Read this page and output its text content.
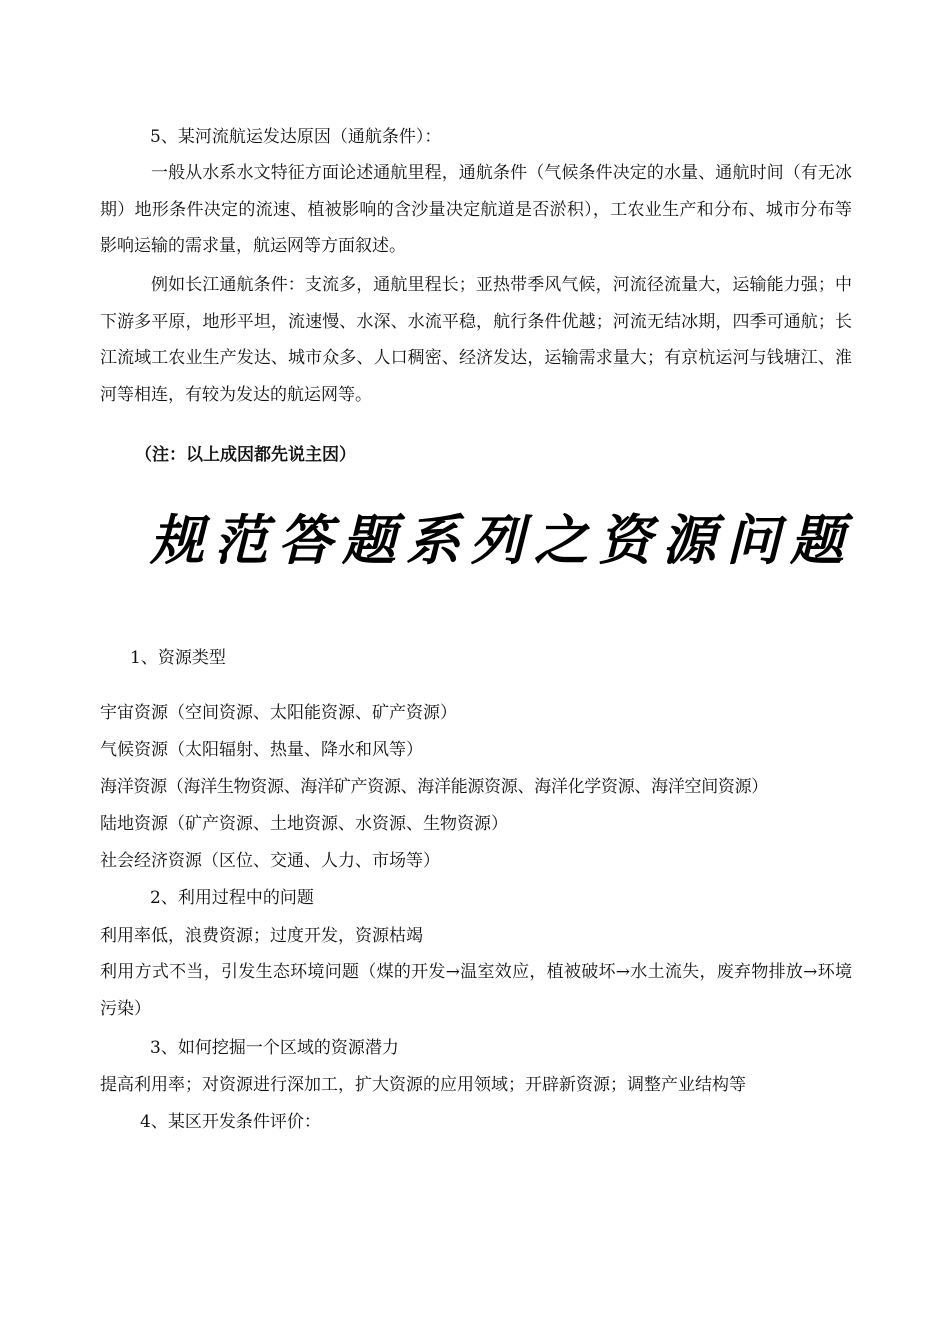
5、某河流航运发达原因（通航条件）：
一般从水系水文特征方面论述通航里程，通航条件（气候条件决定的水量、通航时间（有无冰期）地形条件决定的流速、植被影响的含沙量决定航道是否淤积），工农业生产和分布、城市分布等影响运输的需求量，航运网等方面叙述。
例如长江通航条件：支流多，通航里程长；亚热带季风气候，河流径流量大，运输能力强；中下游多平原，地形平坦，流速慢、水深、水流平稳，航行条件优越；河流无结冰期，四季可通航；长江流域工农业生产发达、城市众多、人口稠密、经济发达，运输需求量大；有京杭运河与钱塘江、淮河等相连，有较为发达的航运网等。
（注：以上成因都先说主因）
规范答题系列之资源问题
1、资源类型
宇宙资源（空间资源、太阳能资源、矿产资源）
气候资源（太阳辐射、热量、降水和风等）
海洋资源（海洋生物资源、海洋矿产资源、海洋能源资源、海洋化学资源、海洋空间资源）
陆地资源（矿产资源、土地资源、水资源、生物资源）
社会经济资源（区位、交通、人力、市场等）
2、利用过程中的问题
利用率低，浪费资源；过度开发，资源枯竭
利用方式不当，引发生态环境问题（煤的开发→温室效应，植被破坏→水土流失，废弃物排放→环境污染）
3、如何挖掘一个区域的资源潜力
提高利用率；对资源进行深加工，扩大资源的应用领域；开辟新资源；调整产业结构等
4、某区开发条件评价：
